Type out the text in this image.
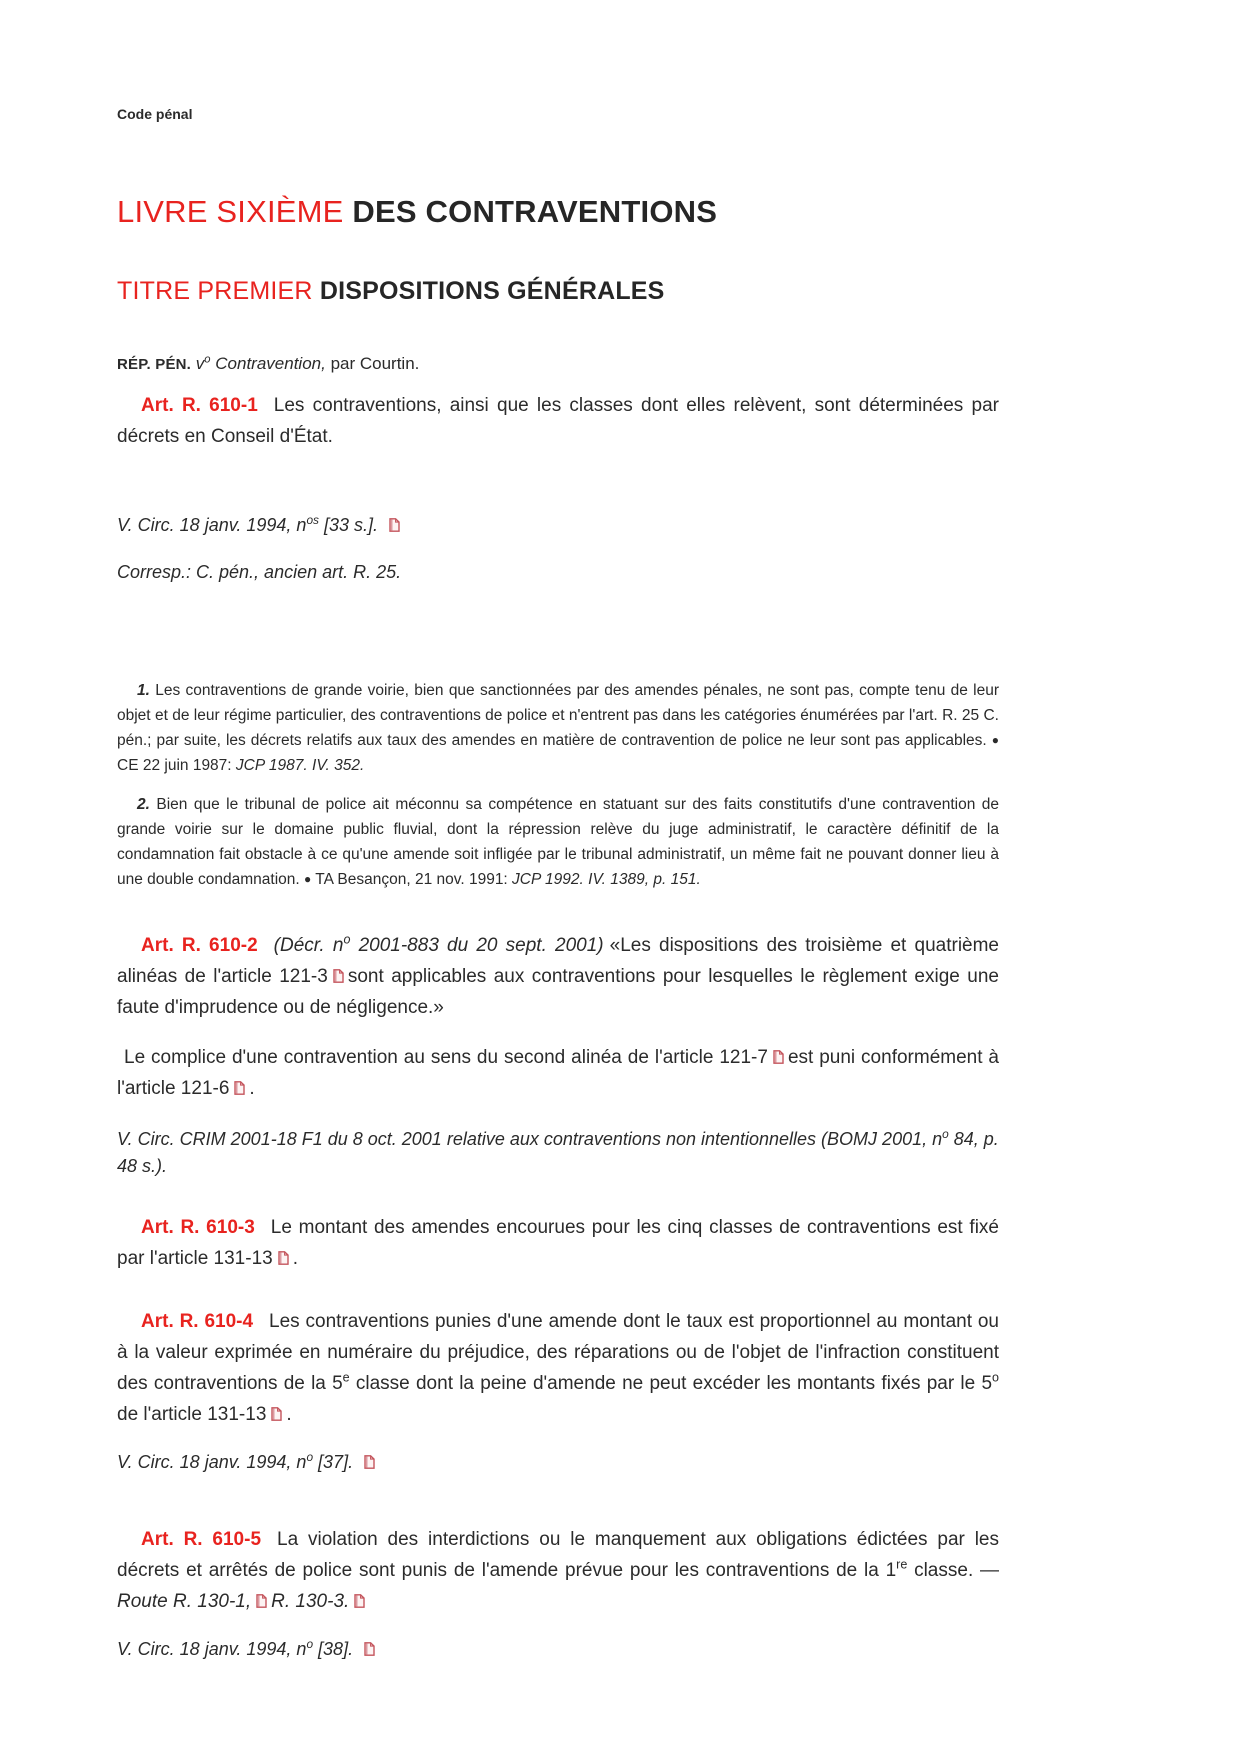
Code pénal
LIVRE SIXIÈME DES CONTRAVENTIONS
TITRE PREMIER DISPOSITIONS GÉNÉRALES
RÉP. PÉN. $v^o$ Contravention, par Courtin.

Art. R. 610-1 Les contraventions, ainsi que les classes dont elles relèvent, sont déterminées par décrets en Conseil d'État.

V. Circ. 18 janv. 1994, $n^{os}$ [33 s.].

Corresp.: C. pén., ancien art. R. 25.

1. Les contraventions de grande voirie, bien que sanctionnées par des amendes pénales, ne sont pas, compte tenu de leur objet et de leur régime particulier, des contraventions de police et n'entrent pas dans les catégories énumérées par l'art. R. 25 C. pén.; par suite, les décrets relatifs aux taux des amendes en matière de contravention de police ne leur sont pas applicables. ● CE 22 juin 1987: JCP 1987. IV. 352.

2. Bien que le tribunal de police ait méconnu sa compétence en statuant sur des faits constitutifs d'une contravention de grande voirie sur le domaine public fluvial, dont la répression relève du juge administratif, le caractère définitif de la condamnation fait obstacle à ce qu'une amende soit infligée par le tribunal administratif, un même fait ne pouvant donner lieu à une double condamnation. ● TA Besançon, 21 nov. 1991: JCP 1992. IV. 1389, p. 151.

Art. R. 610-2 (Décr. $n^o$ 2001-883 du 20 sept. 2001) «Les dispositions des troisième et quatrième alinéas de l'article 121-3 sont applicables aux contraventions pour lesquelles le règlement exige une faute d'imprudence ou de négligence.»

Le complice d'une contravention au sens du second alinéa de l'article 121-7 est puni conformément à l'article 121-6 .

V. Circ. CRIM 2001-18 F1 du 8 oct. 2001 relative aux contraventions non intentionnelles (BOMJ 2001, $n^o$ 84, p. 48 s.).

Art. R. 610-3 Le montant des amendes encourues pour les cinq classes de contraventions est fixé par l'article 131-13 .

Art. R. 610-4 Les contraventions punies d'une amende dont le taux est proportionnel au montant ou à la valeur exprimée en numéraire du préjudice, des réparations ou de l'objet de l'infraction constituent des contraventions de la 5e classe dont la peine d'amende ne peut excéder les montants fixés par le 5$^o$ de l'article 131-13 .

V. Circ. 18 janv. 1994, $n^o$ [37].

Art. R. 610-5 La violation des interdictions ou le manquement aux obligations édictées par les décrets et arrêtés de police sont punis de l'amende prévue pour les contraventions de la 1re classe. — Route R. 130-1, R. 130-3.

V. Circ. 18 janv. 1994, $n^o$ [38].
